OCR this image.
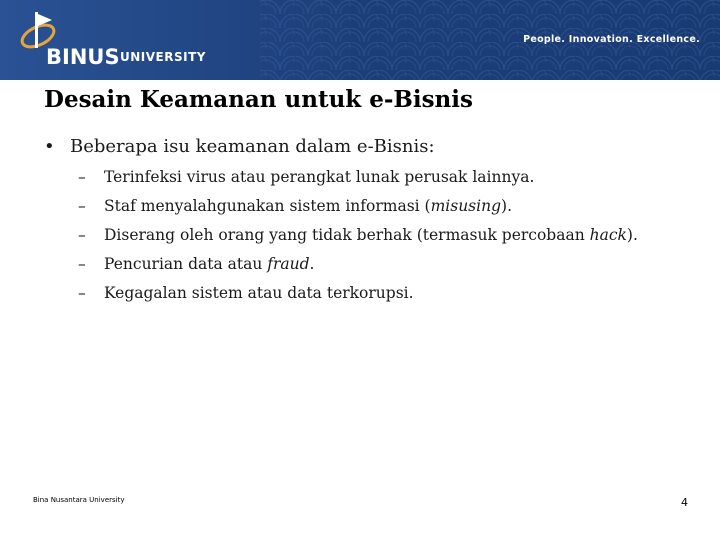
BINUS UNIVERSITY
People. Innovation. Excellence.
Desain Keamanan untuk e-Bisnis
• Beberapa isu keamanan dalam e-Bisnis:
– Terinfeksi virus atau perangkat lunak perusak lainnya.
– Staf menyalahgunakan sistem informasi (misusing).
– Diserang oleh orang yang tidak berhak (termasuk percobaan hack).
– Pencurian data atau fraud.
– Kegagalan sistem atau data terkorupsi.
Bina Nusantara University	4
